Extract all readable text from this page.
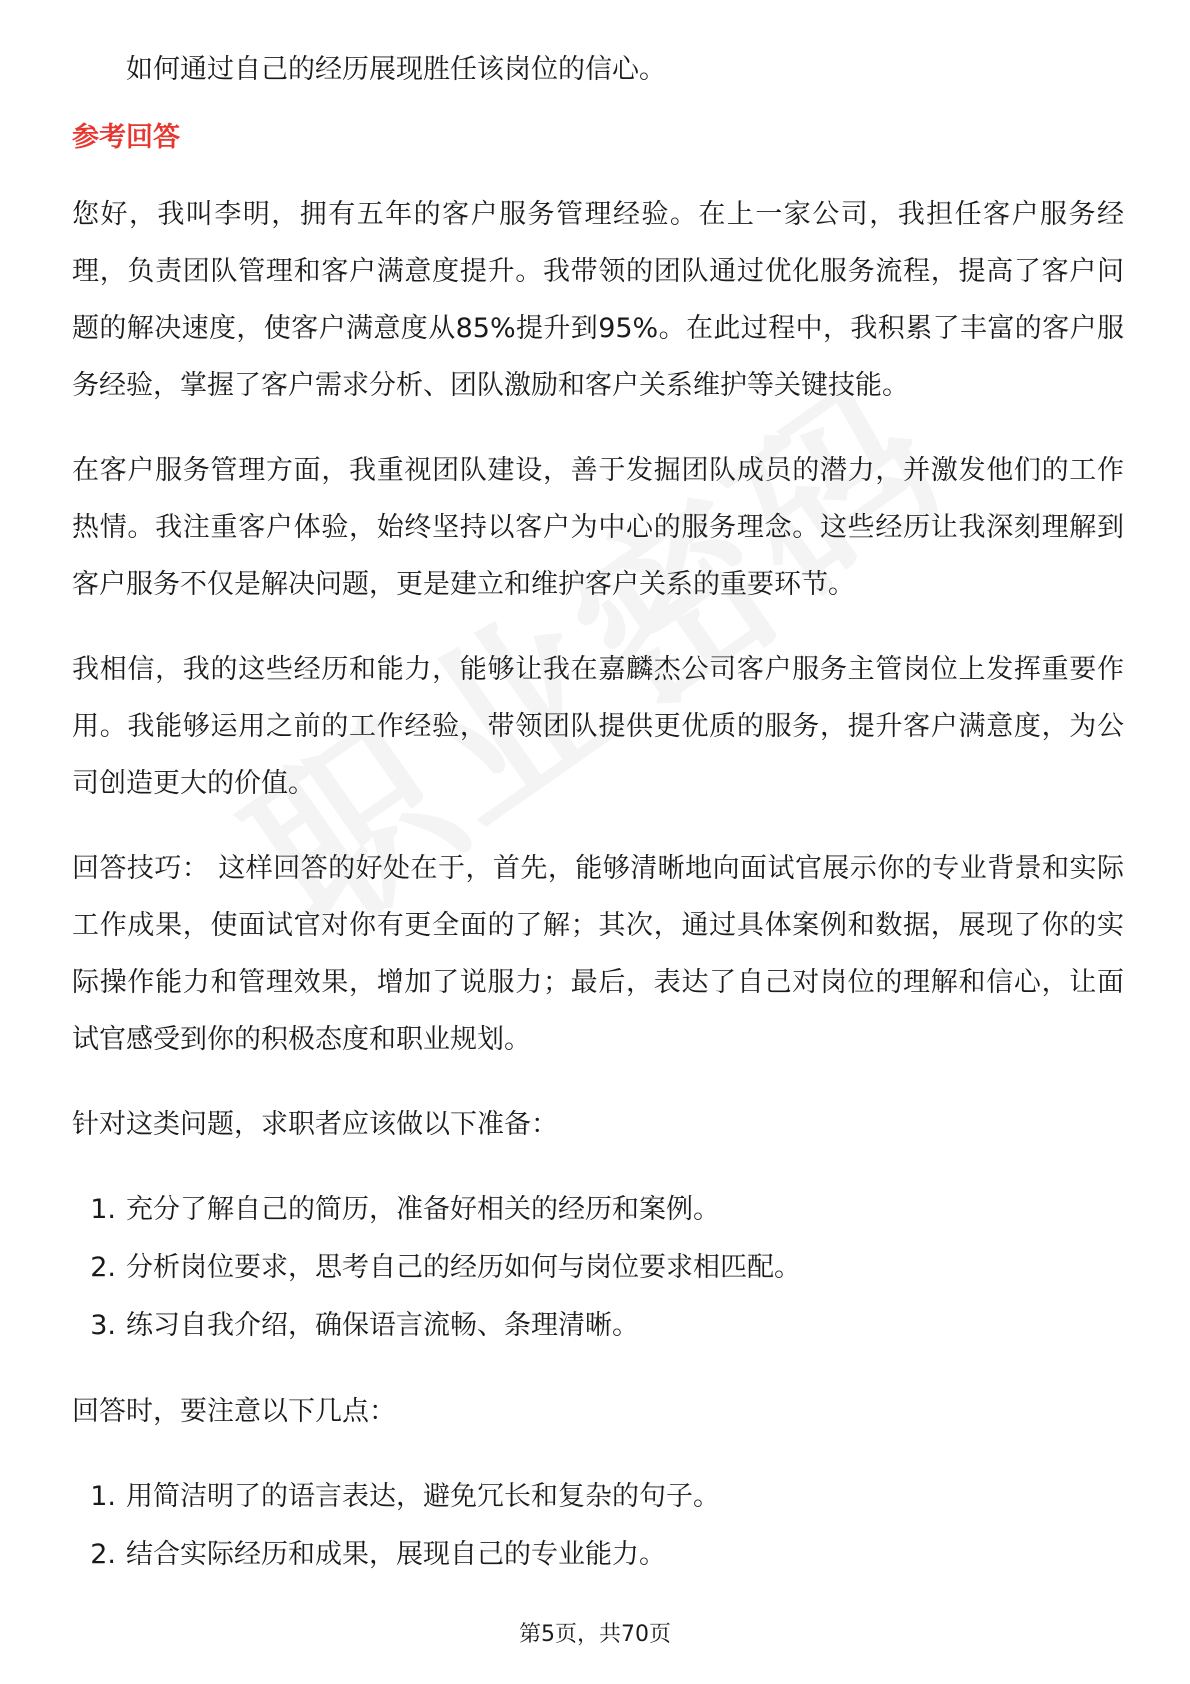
如何通过自己的经历展现胜任该岗位的信心。

参考回答

您好，我叫李明，拥有五年的客户服务管理经验。在上一家公司，我担任客户服务经理，负责团队管理和客户满意度提升。我带领的团队通过优化服务流程，提高了客户问题的解决速度，使客户满意度从85%提升到95%。在此过程中，我积累了丰富的客户服务经验，掌握了客户需求分析、团队激励和客户关系维护等关键技能。

在客户服务管理方面，我重视团队建设，善于发掘团队成员的潜力，并激发他们的工作热情。我注重客户体验，始终坚持以客户为中心的服务理念。这些经历让我深刻理解到客户服务不仅是解决问题，更是建立和维护客户关系的重要环节。

我相信，我的这些经历和能力，能够让我在嘉麟杰公司客户服务主管岗位上发挥重要作用。我能够运用之前的工作经验，带领团队提供更优质的服务，提升客户满意度，为公司创造更大的价值。

回答技巧： 这样回答的好处在于，首先，能够清晰地向面试官展示你的专业背景和实际工作成果，使面试官对你有更全面的了解；其次，通过具体案例和数据，展现了你的实际操作能力和管理效果，增加了说服力；最后，表达了自己对岗位的理解和信心，让面试官感受到你的积极态度和职业规划。

针对这类问题，求职者应该做以下准备：

1. 充分了解自己的简历，准备好相关的经历和案例。
2. 分析岗位要求，思考自己的经历如何与岗位要求相匹配。
3. 练习自我介绍，确保语言流畅、条理清晰。

回答时，要注意以下几点：

1. 用简洁明了的语言表达，避免冗长和复杂的句子。
2. 结合实际经历和成果，展现自己的专业能力。
第5页，共70页
